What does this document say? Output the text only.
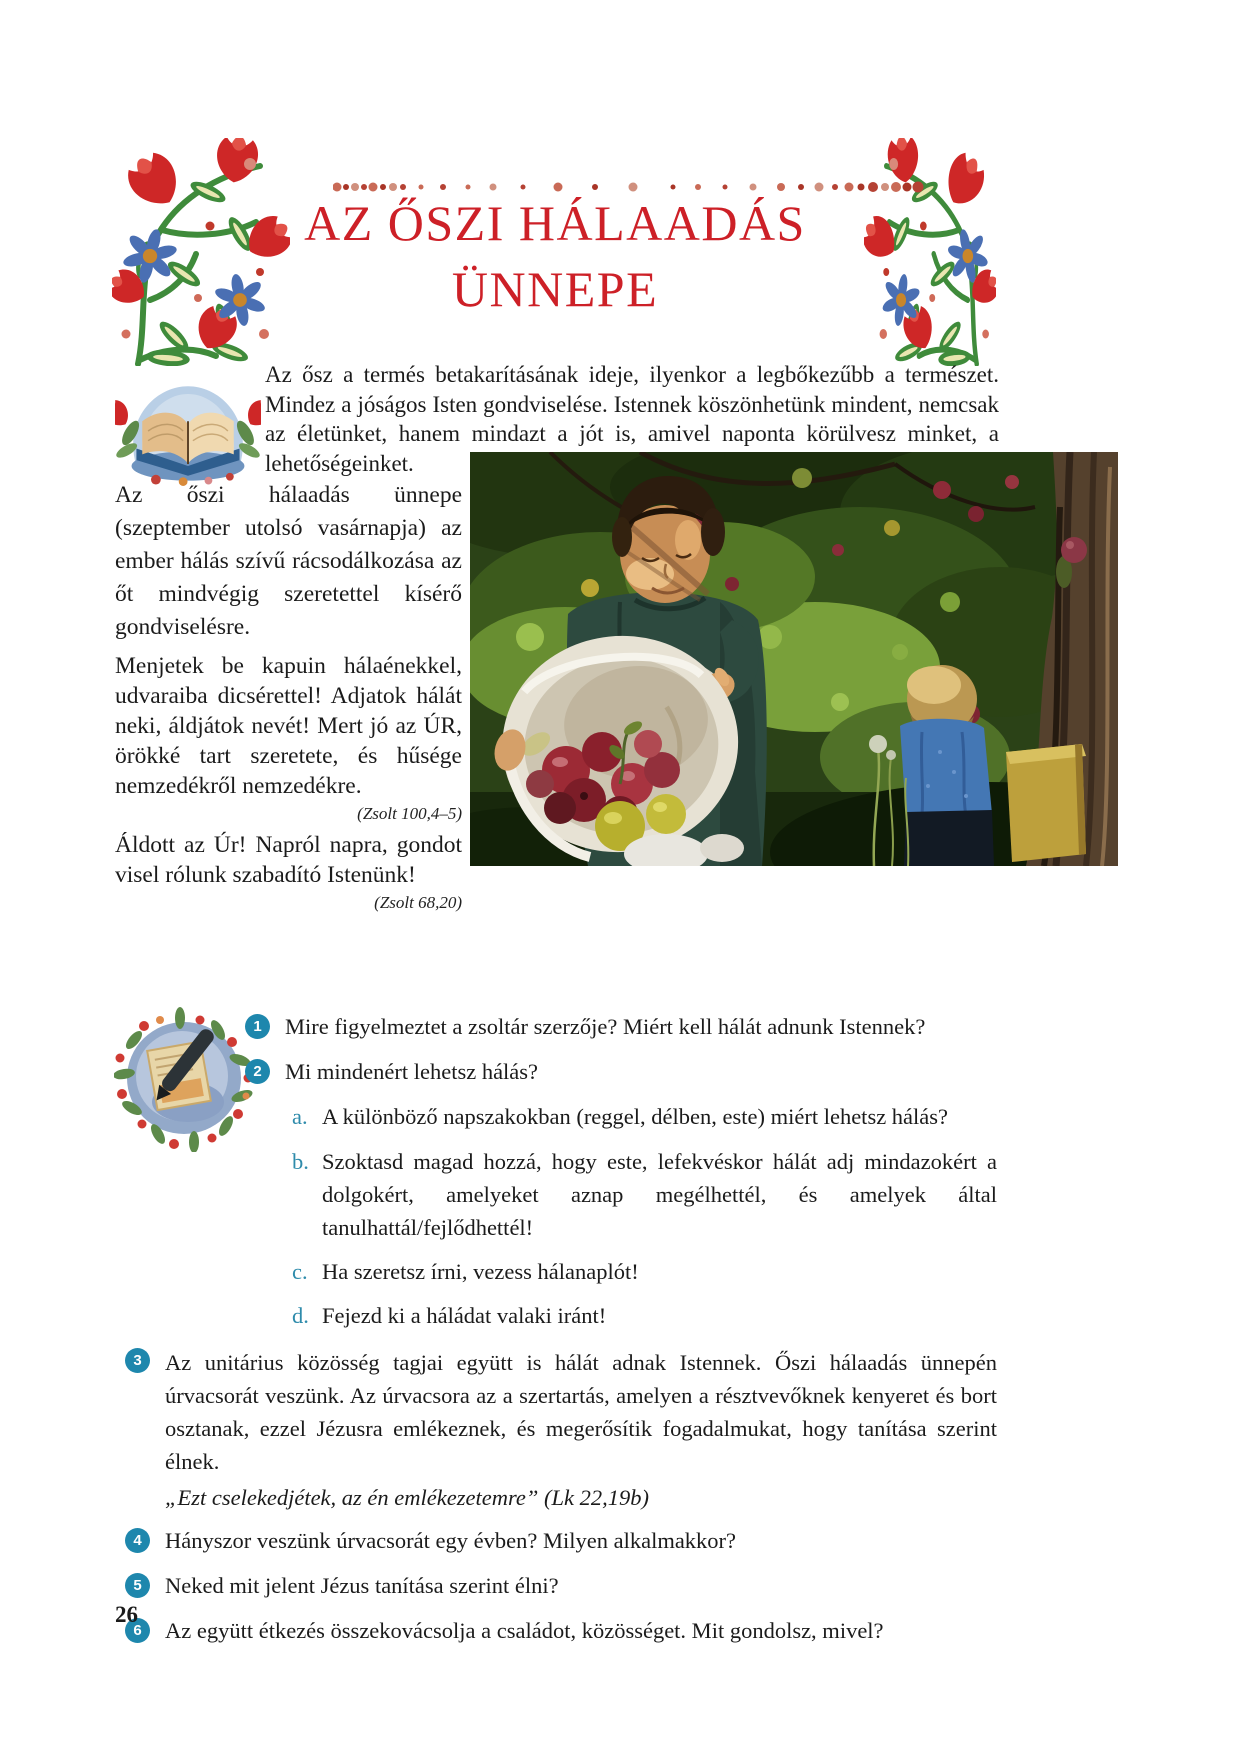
AZ ŐSZI HÁLAADÁS
ÜNNEPE
Az ősz a termés betakarításának ideje, ilyenkor a legbőkezűbb a természet. Mindez a jóságos Isten gondviselése. Istennek köszönhetünk mindent, nemcsak az életünket, hanem mindazt a jót is, amivel naponta körülvesz minket, a lehetőségeinket.

Az őszi hálaadás ünnepe (szeptember utolsó vasárnapja) az ember hálás szívű rácsodálkozása az őt mindvégig szeretettel kísérő gondviselésre.

Menjetek be kapuin hálaénekkel, udvaraiba dicsérettel! Adjatok hálát neki, áldjátok nevét! Mert jó az ÚR, örökké tart szeretete, és hűsége nemzedékről nemzedékre.

(Zsolt 100,4–5)

Áldott az Úr! Napról napra, gondot visel rólunk szabadító Istenünk!

(Zsolt 68,20)

1	Mire figyelmeztet a zsoltár szerzője? Miért kell hálát adnunk Istennek?
2	Mi mindenért lehetsz hálás?
a. A különböző napszakokban (reggel, délben, este) miért lehetsz hálás?
b. Szoktasd magad hozzá, hogy este, lefekvéskor hálát adj mindazokért a dolgokért, amelyeket aznap megélhettél, és amelyek által tanulhattál/fejlődhettél!
c. Ha szeretsz írni, vezess hálanaplót!
d. Fejezd ki a háládat valaki iránt!
3	Az unitárius közösség tagjai együtt is hálát adnak Istennek. Őszi hálaadás ünnepén úrvacsorát veszünk. Az úrvacsora az a szertartás, amelyen a résztvevőknek kenyeret és bort osztanak, ezzel Jézusra emlékeznek, és megerősítik fogadalmukat, hogy tanítása szerint élnek.
„Ezt cselekedjétek, az én emlékezetemre” (Lk 22,19b)
4	Hányszor veszünk úrvacsorát egy évben? Milyen alkalmakkor?
5	Neked mit jelent Jézus tanítása szerint élni?
6	Az együtt étkezés összekovácsolja a családot, közösséget. Mit gondolsz, mivel?
26
